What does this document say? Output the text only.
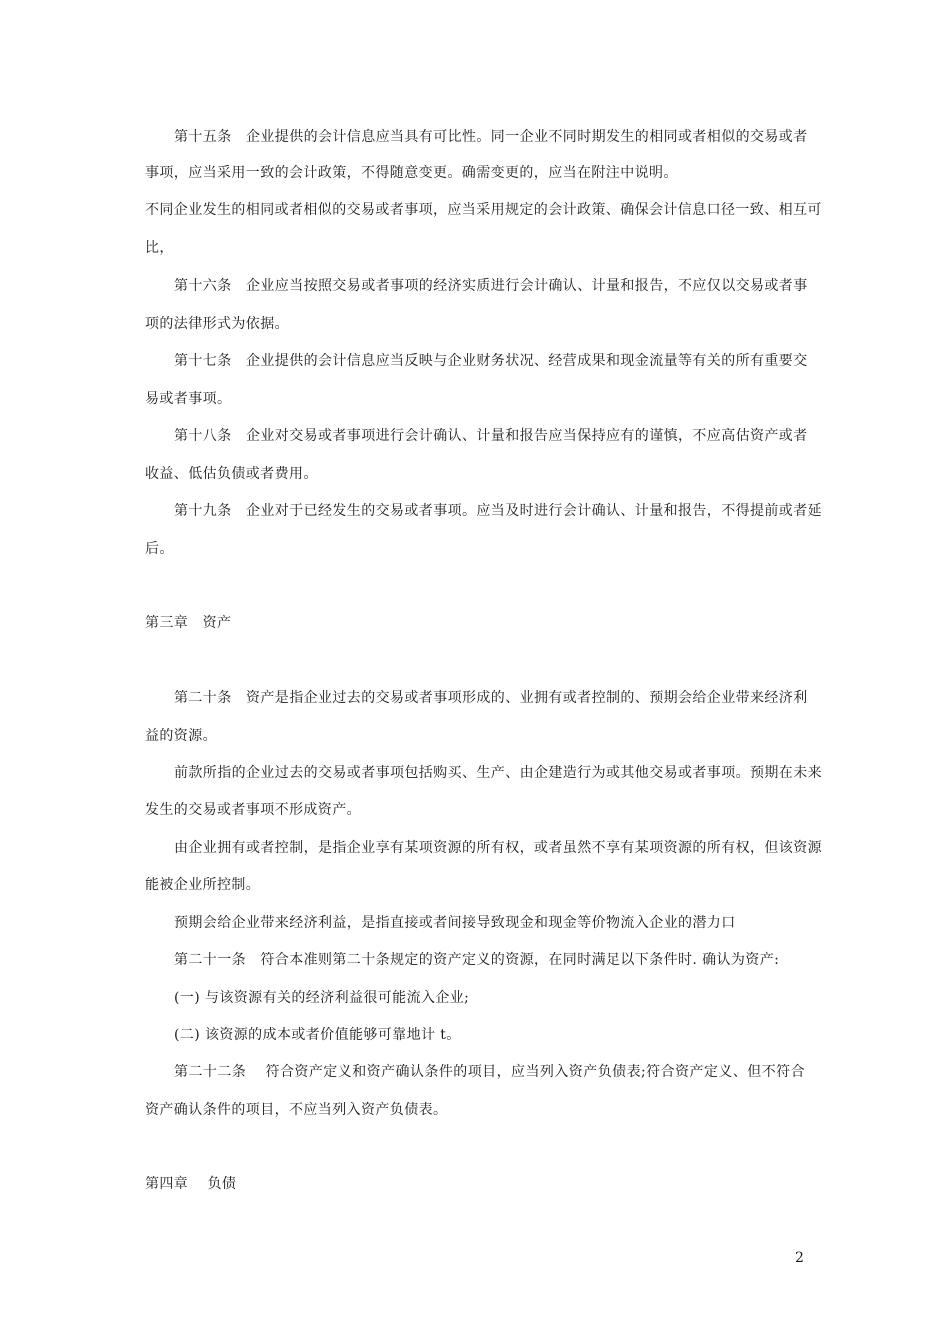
第十五条　企业提供的会计信息应当具有可比性。同一企业不同时期发生的相同或者相似的交易或者
事项，应当采用一致的会计政策，不得随意变更。确需变更的，应当在附注中说明。
不同企业发生的相同或者相似的交易或者事项，应当采用规定的会计政策、确保会计信息口径一致、相互可
比，
第十六条　企业应当按照交易或者事项的经济实质进行会计确认、计量和报告，不应仅以交易或者事
项的法律形式为依据。
第十七条　企业提供的会计信息应当反映与企业财务状况、经营成果和现金流量等有关的所有重要交
易或者事项。
第十八条　企业对交易或者事项进行会计确认、计量和报告应当保持应有的谨慎，不应高估资产或者
收益、低估负债或者费用。
第十九条　企业对于已经发生的交易或者事项。应当及时进行会计确认、计量和报告，不得提前或者延
后。
第三章　资产
第二十条　资产是指企业过去的交易或者事项形成的、业拥有或者控制的、预期会给企业带来经济利
益的资源。
前款所指的企业过去的交易或者事项包括购买、生产、由企建造行为或其他交易或者事项。预期在未来
发生的交易或者事项不形成资产。
由企业拥有或者控制，是指企业享有某项资源的所有权，或者虽然不享有某项资源的所有权，但该资源
能被企业所控制。
预期会给企业带来经济利益，是指直接或者间接导致现金和现金等价物流入企业的潜力口
第二十一条　符合本准则第二十条规定的资产定义的资源，在同时满足以下条件时. 确认为资产:
(一) 与该资源有关的经济利益很可能流入企业;
(二) 该资源的成本或者价值能够可靠地计 t。
第二十二条　 符合资产定义和资产确认条件的项目，应当列入资产负债表;符合资产定义、但不符合
资产确认条件的项目，不应当列入资产负债表。
第四章　 负债
2
